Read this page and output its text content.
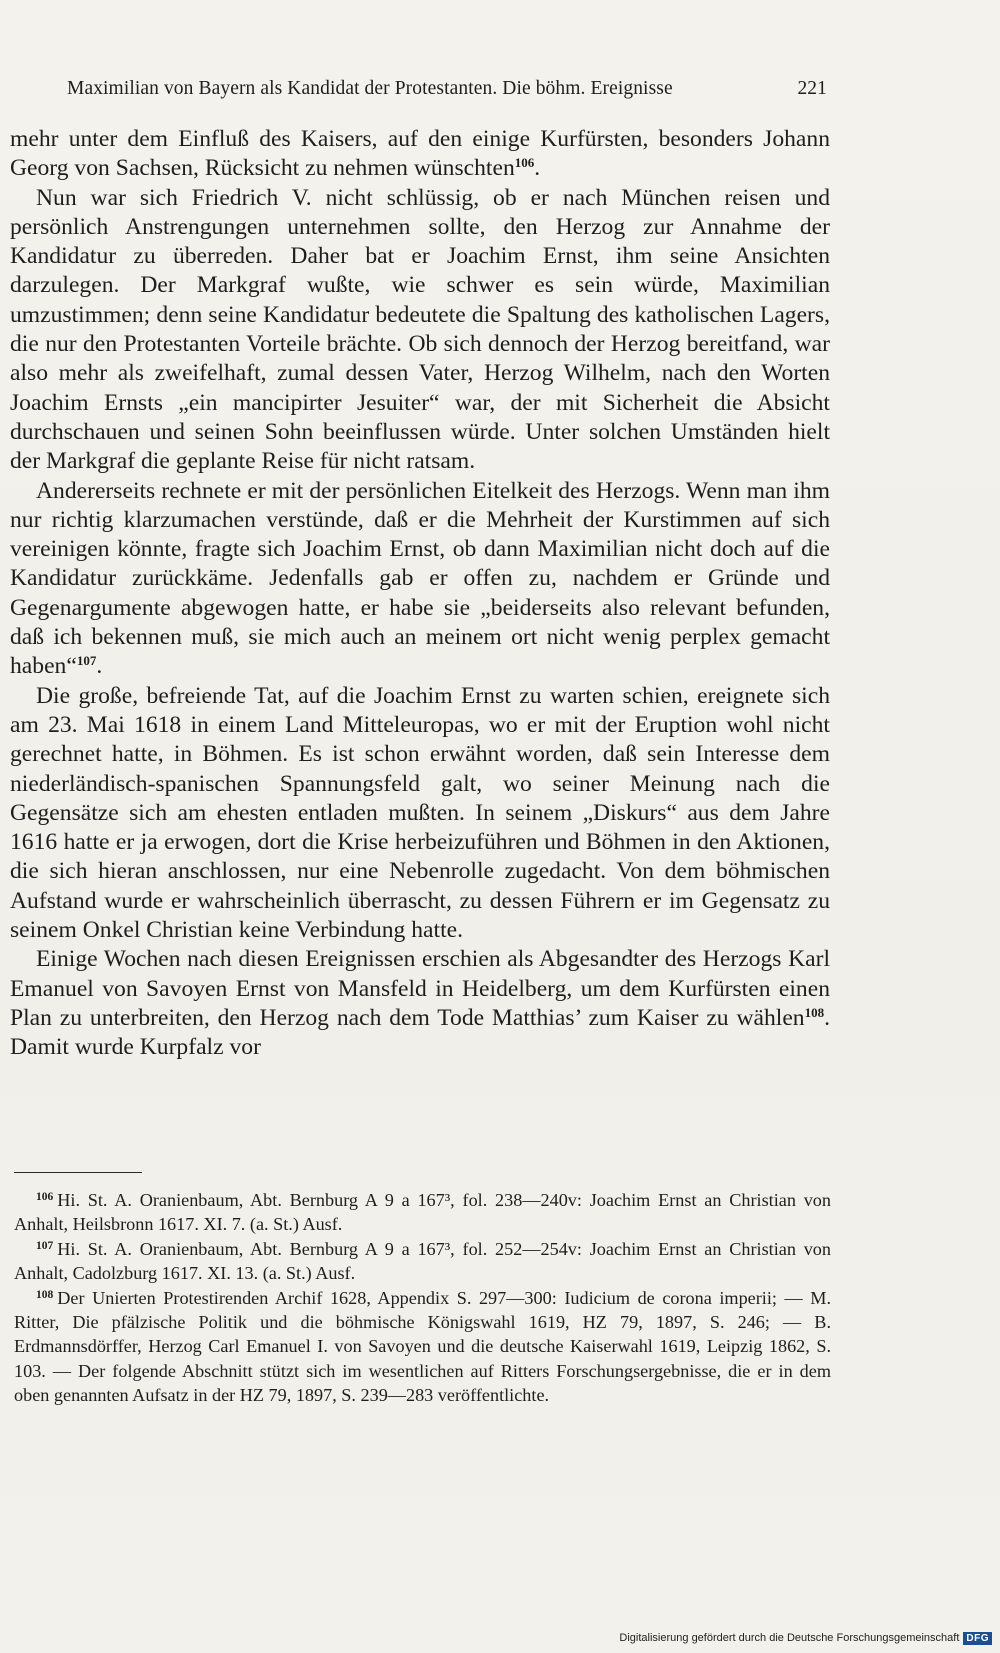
Maximilian von Bayern als Kandidat der Protestanten. Die böhm. Ereignisse	221

mehr unter dem Einfluß des Kaisers, auf den einige Kurfürsten, besonders Johann Georg von Sachsen, Rücksicht zu nehmen wünschten$^{106}$.

Nun war sich Friedrich V. nicht schlüssig, ob er nach München reisen und persönlich Anstrengungen unternehmen sollte, den Herzog zur Annahme der Kandidatur zu überreden. Daher bat er Joachim Ernst, ihm seine Ansichten darzulegen. Der Markgraf wußte, wie schwer es sein würde, Maximilian umzustimmen; denn seine Kandidatur bedeutete die Spaltung des katholischen Lagers, die nur den Protestanten Vorteile brächte. Ob sich dennoch der Herzog bereitfand, war also mehr als zweifelhaft, zumal dessen Vater, Herzog Wilhelm, nach den Worten Joachim Ernsts „ein mancipirter Jesuiter“ war, der mit Sicherheit die Absicht durchschauen und seinen Sohn beeinflussen würde. Unter solchen Umständen hielt der Markgraf die geplante Reise für nicht ratsam.

Andererseits rechnete er mit der persönlichen Eitelkeit des Herzogs. Wenn man ihm nur richtig klarzumachen verstünde, daß er die Mehrheit der Kurstimmen auf sich vereinigen könnte, fragte sich Joachim Ernst, ob dann Maximilian nicht doch auf die Kandidatur zurückkäme. Jedenfalls gab er offen zu, nachdem er Gründe und Gegenargumente abgewogen hatte, er habe sie „beiderseits also relevant befunden, daß ich bekennen muß, sie mich auch an meinem ort nicht wenig perplex gemacht haben“$^{107}$.

Die große, befreiende Tat, auf die Joachim Ernst zu warten schien, ereignete sich am 23. Mai 1618 in einem Land Mitteleuropas, wo er mit der Eruption wohl nicht gerechnet hatte, in Böhmen. Es ist schon erwähnt worden, daß sein Interesse dem niederländisch-spanischen Spannungsfeld galt, wo seiner Meinung nach die Gegensätze sich am ehesten entladen mußten. In seinem „Diskurs“ aus dem Jahre 1616 hatte er ja erwogen, dort die Krise herbeizuführen und Böhmen in den Aktionen, die sich hieran anschlossen, nur eine Nebenrolle zugedacht. Von dem böhmischen Aufstand wurde er wahrscheinlich überrascht, zu dessen Führern er im Gegensatz zu seinem Onkel Christian keine Verbindung hatte.

Einige Wochen nach diesen Ereignissen erschien als Abgesandter des Herzogs Karl Emanuel von Savoyen Ernst von Mansfeld in Heidelberg, um dem Kurfürsten einen Plan zu unterbreiten, den Herzog nach dem Tode Matthias’ zum Kaiser zu wählen$^{108}$. Damit wurde Kurpfalz vor

$^{106}$ Hi. St. A. Oranienbaum, Abt. Bernburg A 9 a 167³, fol. 238—240v: Joachim Ernst an Christian von Anhalt, Heilsbronn 1617. XI. 7. (a. St.) Ausf.

$^{107}$ Hi. St. A. Oranienbaum, Abt. Bernburg A 9 a 167³, fol. 252—254v: Joachim Ernst an Christian von Anhalt, Cadolzburg 1617. XI. 13. (a. St.) Ausf.

$^{108}$ Der Unierten Protestirenden Archif 1628, Appendix S. 297—300: Iudicium de corona imperii; — M. Ritter, Die pfälzische Politik und die böhmische Königswahl 1619, HZ 79, 1897, S. 246; — B. Erdmannsdörffer, Herzog Carl Emanuel I. von Savoyen und die deutsche Kaiserwahl 1619, Leipzig 1862, S. 103. — Der folgende Abschnitt stützt sich im wesentlichen auf Ritters Forschungsergebnisse, die er in dem oben genannten Aufsatz in der HZ 79, 1897, S. 239—283 veröffentlichte.

Digitalisierung gefördert durch die Deutsche Forschungsgemeinschaft DFG
